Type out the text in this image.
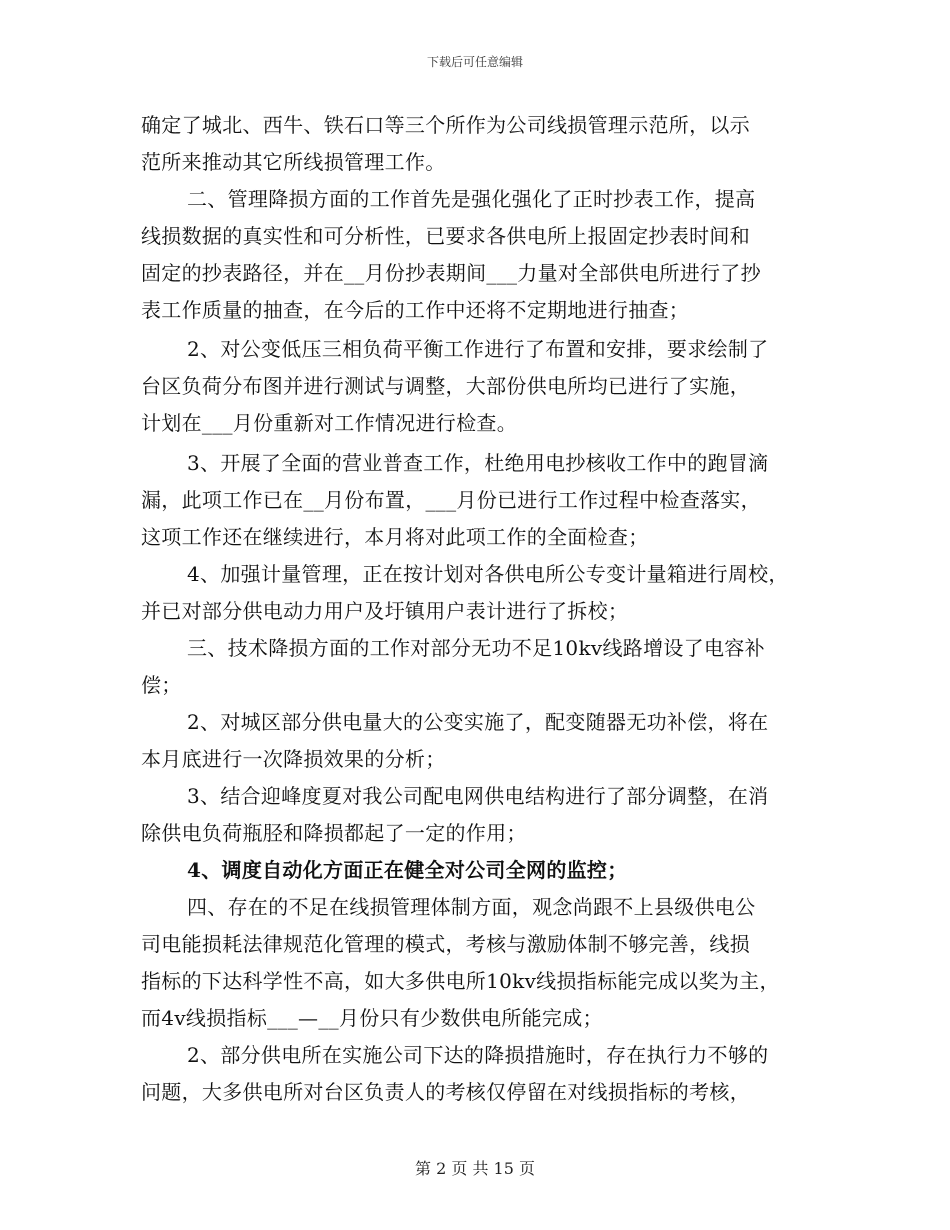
下载后可任意编辑
确定了城北、西牛、铁石口等三个所作为公司线损管理示范所，以示
范所来推动其它所线损管理工作。
二、管理降损方面的工作首先是强化强化了正时抄表工作，提高
线损数据的真实性和可分析性，已要求各供电所上报固定抄表时间和
固定的抄表路径，并在__月份抄表期间___力量对全部供电所进行了抄
表工作质量的抽查，在今后的工作中还将不定期地进行抽查；
2、对公变低压三相负荷平衡工作进行了布置和安排，要求绘制了
台区负荷分布图并进行测试与调整，大部份供电所均已进行了实施，
计划在___月份重新对工作情况进行检查。
3、开展了全面的营业普查工作，杜绝用电抄核收工作中的跑冒滴
漏，此项工作已在__月份布置，___月份已进行工作过程中检查落实，
这项工作还在继续进行，本月将对此项工作的全面检查；
4、加强计量管理，正在按计划对各供电所公专变计量箱进行周校，
并已对部分供电动力用户及圩镇用户表计进行了拆校；
三、技术降损方面的工作对部分无功不足10kv线路增设了电容补
偿；
2、对城区部分供电量大的公变实施了，配变随器无功补偿，将在
本月底进行一次降损效果的分析；
3、结合迎峰度夏对我公司配电网供电结构进行了部分调整，在消
除供电负荷瓶胫和降损都起了一定的作用；
4、调度自动化方面正在健全对公司全网的监控；
四、存在的不足在线损管理体制方面，观念尚跟不上县级供电公
司电能损耗法律规范化管理的模式，考核与激励体制不够完善，线损
指标的下达科学性不高，如大多供电所10kv线损指标能完成以奖为主，
而4v线损指标___—__月份只有少数供电所能完成；
2、部分供电所在实施公司下达的降损措施时，存在执行力不够的
问题，大多供电所对台区负责人的考核仅停留在对线损指标的考核，
第 2 页 共 15 页
